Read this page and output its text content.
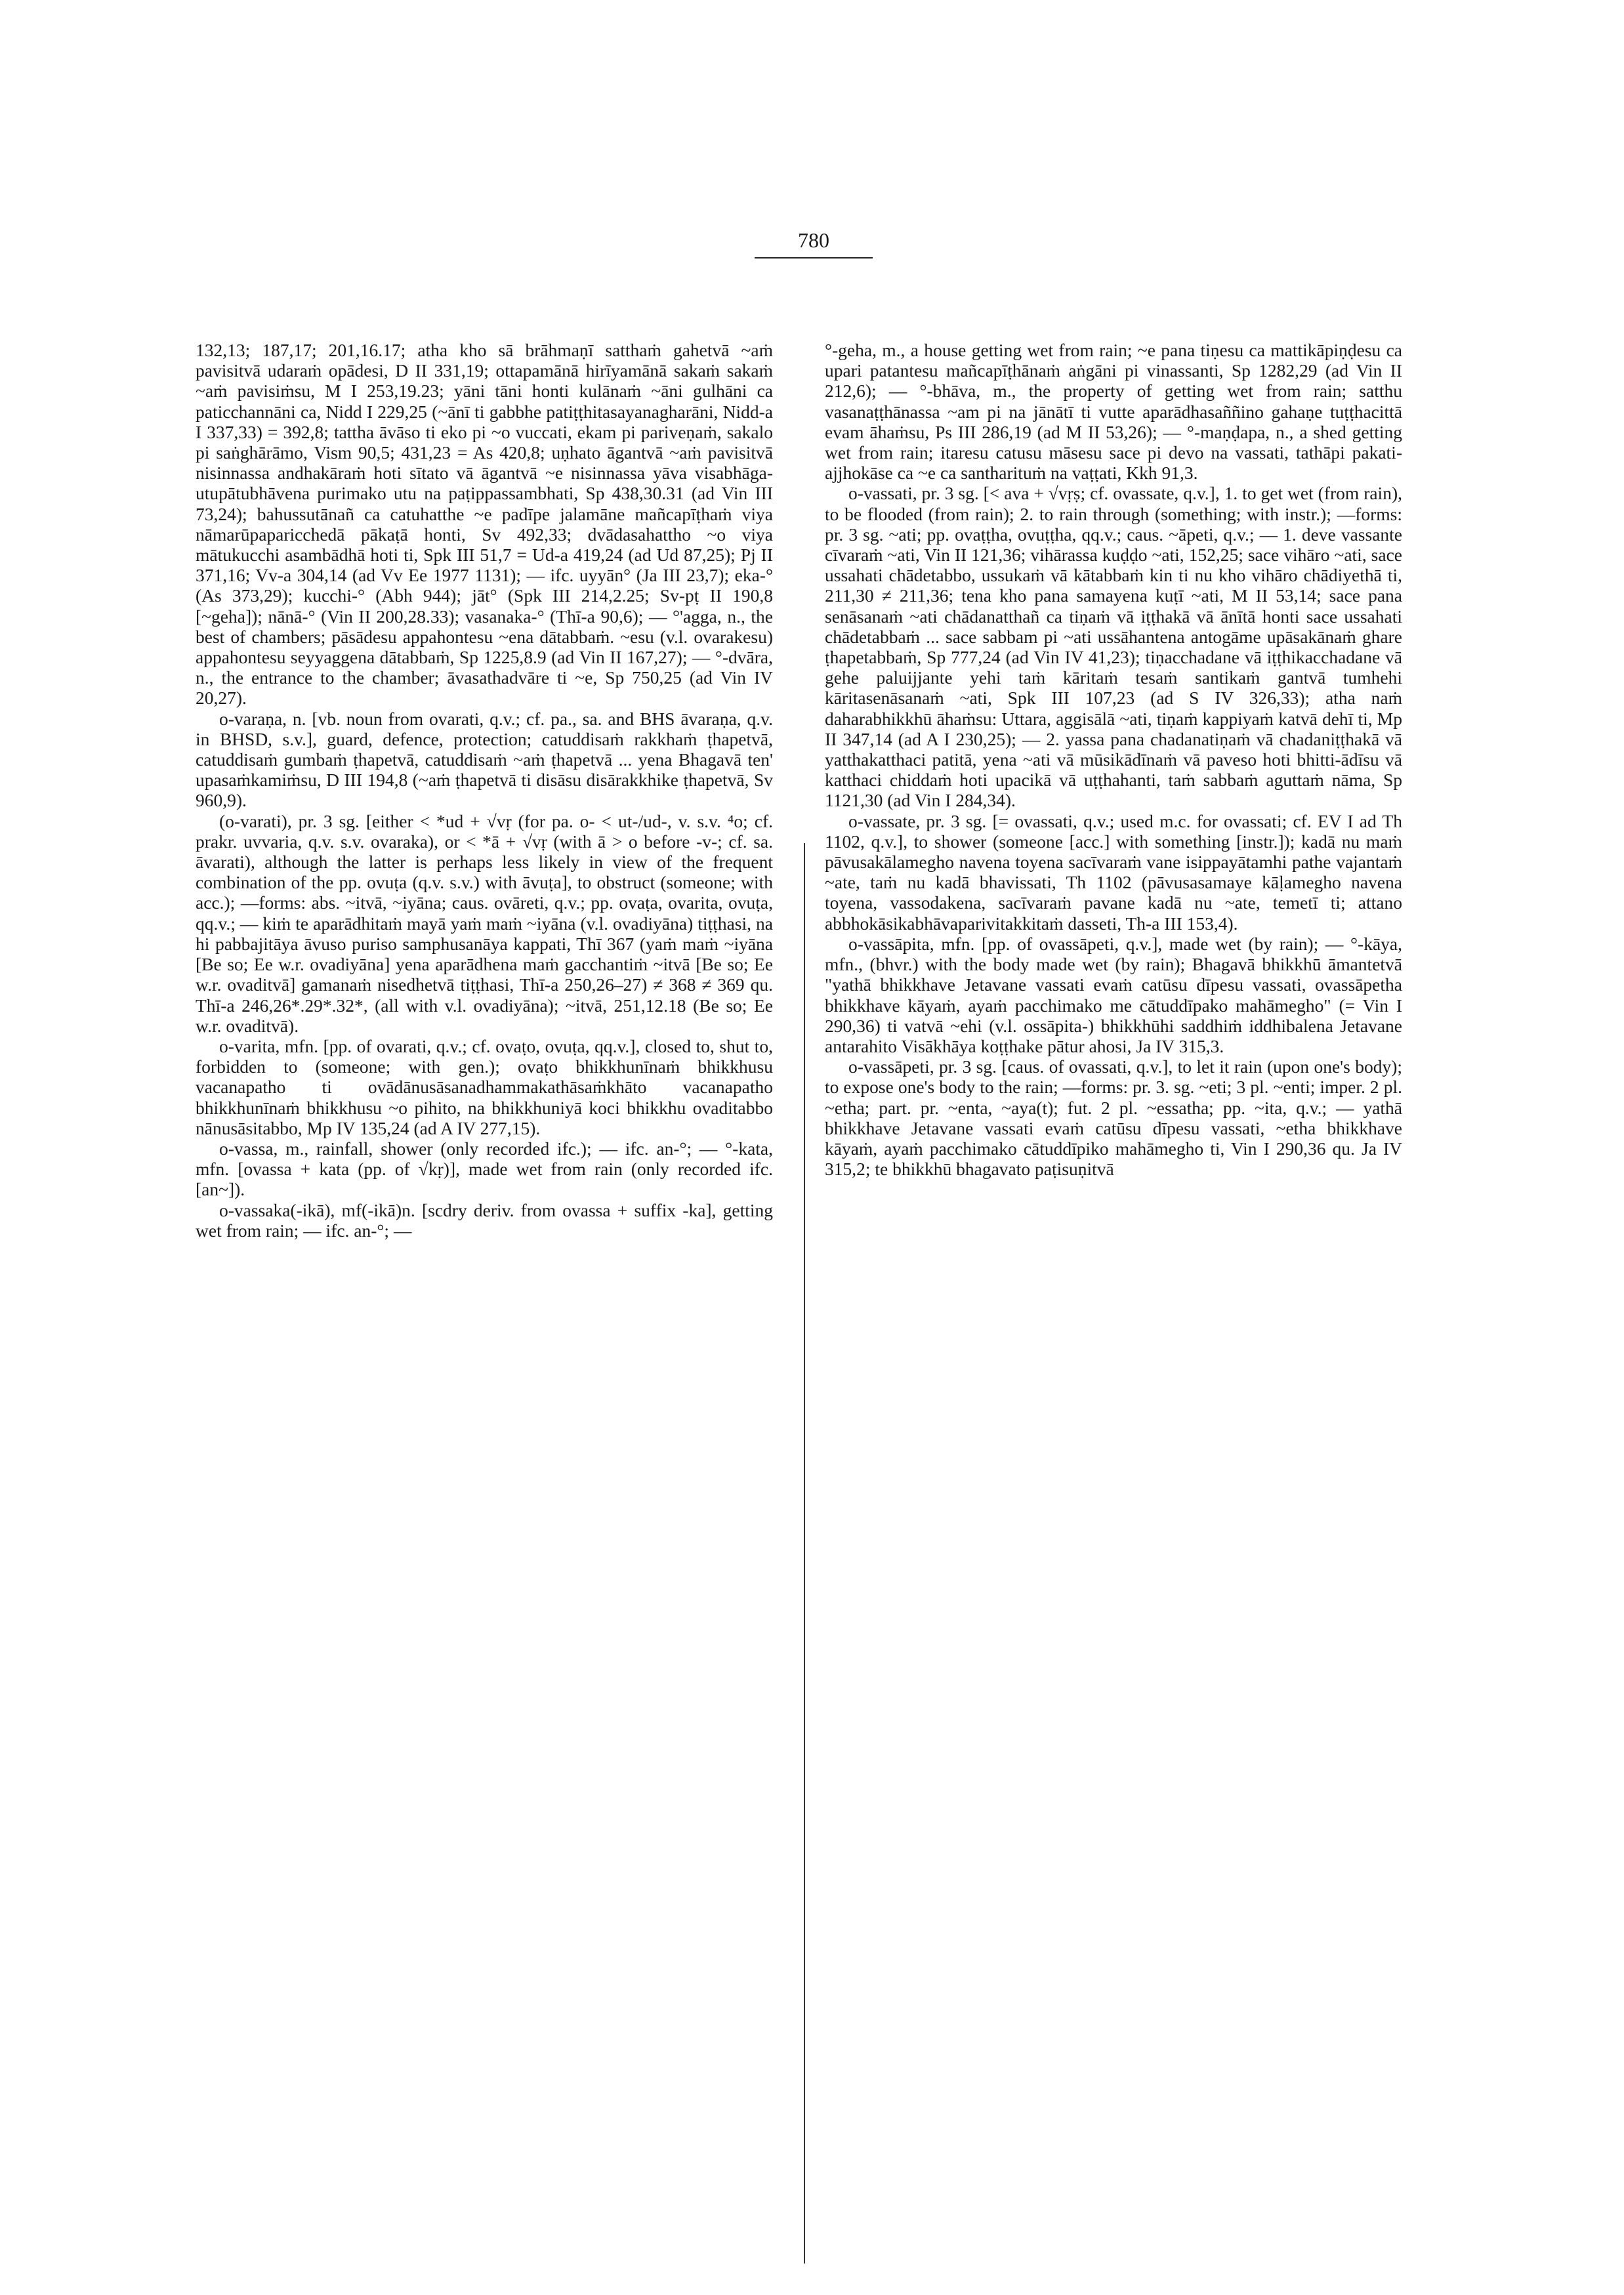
780

132,13; 187,17; 201,16.17; atha kho sā brāhmaṇī satthaṁ gahetvā ~aṁ pavisitvā udaraṁ opādesi, D II 331,19; ottapamānā hirīyamānā sakaṁ sakaṁ ~aṁ pavisiṁsu, M I 253,19.23; yāni tāni honti kulānaṁ ~āni gulhāni ca paticchannāni ca, Nidd I 229,25 (~ānī ti gabbhe patiṭṭhitasayanagharāni, Nidd-a I 337,33) = 392,8; tattha āvāso ti eko pi ~o vuccati, ekam pi pariveṇaṁ, sakalo pi saṅghārāmo, Vism 90,5; 431,23 = As 420,8; uṇhato āgantvā ~aṁ pavisitvā nisinnassa andhakāraṁ hoti sītato vā āgantvā ~e nisinnassa yāva visabhāga-utupātubhāvena purimako utu na paṭippassambhati, Sp 438,30.31 (ad Vin III 73,24); bahussutānañ ca catuhatthe ~e padīpe jalamāne mañcapīṭhaṁ viya nāmarūpaparicchedā pākaṭā honti, Sv 492,33; dvādasahattho ~o viya mātukucchi asambādhā hoti ti, Spk III 51,7 = Ud-a 419,24 (ad Ud 87,25); Pj II 371,16; Vv-a 304,14 (ad Vv Ee 1977 1131); — ifc. uyyān° (Ja III 23,7); eka-° (As 373,29); kucchi-° (Abh 944); jāt° (Spk III 214,2.25; Sv-pṭ II 190,8 [~geha]); nānā-° (Vin II 200,28.33); vasanaka-° (Thī-a 90,6); — °'agga, n., the best of chambers; pāsādesu appahontesu ~ena dātabbaṁ. ~esu (v.l. ovarakesu) appahontesu seyyaggena dātabbaṁ, Sp 1225,8.9 (ad Vin II 167,27); — °-dvāra, n., the entrance to the chamber; āvasathadvāre ti ~e, Sp 750,25 (ad Vin IV 20,27).

o-varaṇa, n. [vb. noun from ovarati, q.v.; cf. pa., sa. and BHS āvaraṇa, q.v. in BHSD, s.v.], guard, defence, protection; catuddisaṁ rakkhaṁ ṭhapetvā, catuddisaṁ gumbaṁ ṭhapetvā, catuddisaṁ ~aṁ ṭhapetvā ... yena Bhagavā ten' upasaṁkamiṁsu, D III 194,8 (~aṁ ṭhapetvā ti disāsu disārakkhike ṭhapetvā, Sv 960,9).

(o-varati), pr. 3 sg. [either < *ud + √vṛ (for pa. o- < ut-/ud-, v. s.v. ⁴o; cf. prakr. uvvaria, q.v. s.v. ovaraka), or < *ā + √vṛ (with ā > o before -v-; cf. sa. āvarati), although the latter is perhaps less likely in view of the frequent combination of the pp. ovuṭa (q.v. s.v.) with āvuṭa], to obstruct (someone; with acc.); —forms: abs. ~itvā, ~iyāna; caus. ovāreti, q.v.; pp. ovaṭa, ovarita, ovuṭa, qq.v.; — kiṁ te aparādhitaṁ mayā yaṁ maṁ ~iyāna (v.l. ovadiyāna) tiṭṭhasi, na hi pabbajitāya āvuso puriso samphusanāya kappati, Thī 367 (yaṁ maṁ ~iyāna [Be so; Ee w.r. ovadiyāna] yena aparādhena maṁ gacchantiṁ ~itvā [Be so; Ee w.r. ovaditvā] gamanaṁ nisedhetvā tiṭṭhasi, Thī-a 250,26–27) ≠ 368 ≠ 369 qu. Thī-a 246,26*.29*.32*, (all with v.l. ovadiyāna); ~itvā, 251,12.18 (Be so; Ee w.r. ovaditvā).

o-varita, mfn. [pp. of ovarati, q.v.; cf. ovaṭo, ovuṭa, qq.v.], closed to, shut to, forbidden to (someone; with gen.); ovaṭo bhikkhunīnaṁ bhikkhusu vacanapatho ti ovādānusāsanadhammakathāsaṁkhāto vacanapatho bhikkhunīnaṁ bhikkhusu ~o pihito, na bhikkhuniyā koci bhikkhu ovaditabbo nānusāsitabbo, Mp IV 135,24 (ad A IV 277,15).

o-vassa, m., rainfall, shower (only recorded ifc.); — ifc. an-°; — °-kata, mfn. [ovassa + kata (pp. of √kṛ)], made wet from rain (only recorded ifc. [an~]).

o-vassaka(-ikā), mf(-ikā)n. [scdry deriv. from ovassa + suffix -ka], getting wet from rain; — ifc. an-°; —

°-geha, m., a house getting wet from rain; ~e pana tiṇesu ca mattikāpiṇḍesu ca upari patantesu mañcapīṭhānaṁ aṅgāni pi vinassanti, Sp 1282,29 (ad Vin II 212,6); — °-bhāva, m., the property of getting wet from rain; satthu vasanaṭṭhānassa ~am pi na jānātī ti vutte aparādhasaññino gahaṇe tuṭṭhacittā evam āhaṁsu, Ps III 286,19 (ad M II 53,26); — °-maṇḍapa, n., a shed getting wet from rain; itaresu catusu māsesu sace pi devo na vassati, tathāpi pakati-ajjhokāse ca ~e ca santharituṁ na vaṭṭati, Kkh 91,3.

o-vassati, pr. 3 sg. [< ava + √vṛṣ; cf. ovassate, q.v.], 1. to get wet (from rain), to be flooded (from rain); 2. to rain through (something; with instr.); —forms: pr. 3 sg. ~ati; pp. ovaṭṭha, ovuṭṭha, qq.v.; caus. ~āpeti, q.v.; — 1. deve vassante cīvaraṁ ~ati, Vin II 121,36; vihārassa kuḍḍo ~ati, 152,25; sace vihāro ~ati, sace ussahati chādetabbo, ussukaṁ vā kātabbaṁ kin ti nu kho vihāro chādiyethā ti, 211,30 ≠ 211,36; tena kho pana samayena kuṭī ~ati, M II 53,14; sace pana senāsanaṁ ~ati chādanatthañ ca tiṇaṁ vā iṭṭhakā vā ānītā honti sace ussahati chādetabbaṁ ... sace sabbam pi ~ati ussāhantena antogāme upāsakānaṁ ghare ṭhapetabbaṁ, Sp 777,24 (ad Vin IV 41,23); tiṇacchadane vā iṭṭhikacchadane vā gehe paluijjante yehi taṁ kāritaṁ tesaṁ santikaṁ gantvā tumhehi kāritasenāsanaṁ ~ati, Spk III 107,23 (ad S IV 326,33); atha naṁ daharabhikkhū āhaṁsu: Uttara, aggisālā ~ati, tiṇaṁ kappiyaṁ katvā dehī ti, Mp II 347,14 (ad A I 230,25); — 2. yassa pana chadanatiṇaṁ vā chadaniṭṭhakā vā yatthakatthaci patitā, yena ~ati vā mūsikādīnaṁ vā paveso hoti bhitti-ādīsu vā katthaci chiddaṁ hoti upacikā vā uṭṭhahanti, taṁ sabbaṁ aguttaṁ nāma, Sp 1121,30 (ad Vin I 284,34).

o-vassate, pr. 3 sg. [= ovassati, q.v.; used m.c. for ovassati; cf. EV I ad Th 1102, q.v.], to shower (someone [acc.] with something [instr.]); kadā nu maṁ pāvusakālamegho navena toyena sacīvaraṁ vane isippayātamhi pathe vajantaṁ ~ate, taṁ nu kadā bhavissati, Th 1102 (pāvusasamaye kāḷamegho navena toyena, vassodakena, sacīvaraṁ pavane kadā nu ~ate, temetī ti; attano abbhokāsikabhāvaparivitakkitaṁ dasseti, Th-a III 153,4).

o-vassāpita, mfn. [pp. of ovassāpeti, q.v.], made wet (by rain); — °-kāya, mfn., (bhvr.) with the body made wet (by rain); Bhagavā bhikkhū āmantetvā "yathā bhikkhave Jetavane vassati evaṁ catūsu dīpesu vassati, ovassāpetha bhikkhave kāyaṁ, ayaṁ pacchimako me cātuddīpako mahāmegho" (= Vin I 290,36) ti vatvā ~ehi (v.l. ossāpita-) bhikkhūhi saddhiṁ iddhibalena Jetavane antarahito Visākhāya koṭṭhake pātur ahosi, Ja IV 315,3.

o-vassāpeti, pr. 3 sg. [caus. of ovassati, q.v.], to let it rain (upon one's body); to expose one's body to the rain; —forms: pr. 3. sg. ~eti; 3 pl. ~enti; imper. 2 pl. ~etha; part. pr. ~enta, ~aya(t); fut. 2 pl. ~essatha; pp. ~ita, q.v.; — yathā bhikkhave Jetavane vassati evaṁ catūsu dīpesu vassati, ~etha bhikkhave kāyaṁ, ayaṁ pacchimako cātuddīpiko mahāmegho ti, Vin I 290,36 qu. Ja IV 315,2; te bhikkhū bhagavato paṭisuṇitvā
